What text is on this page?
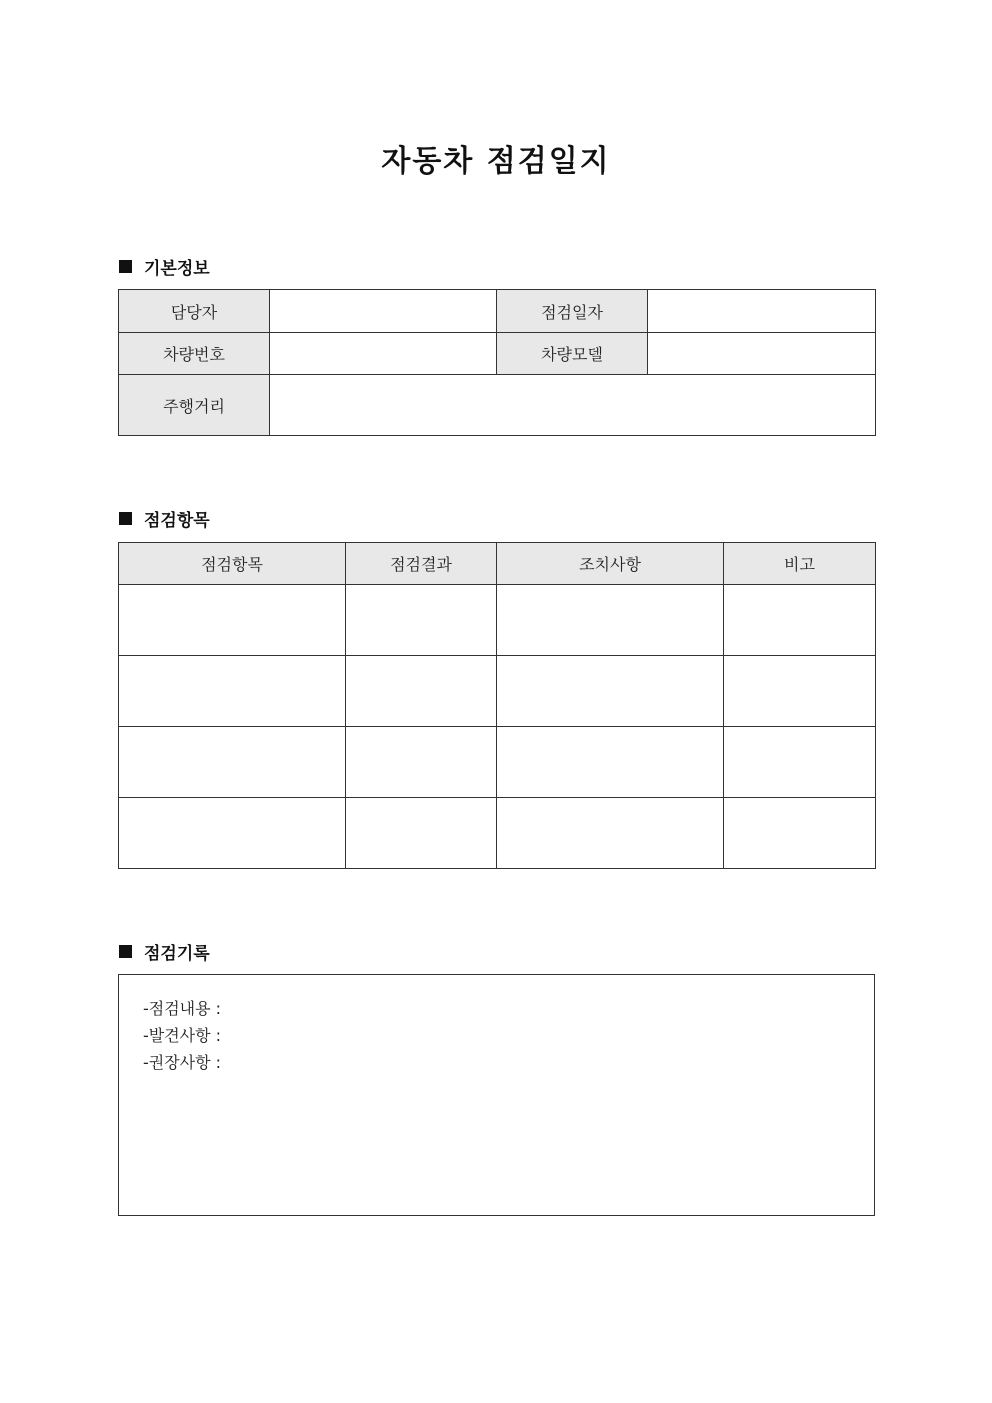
자동차 점검일지
기본정보
담당자		점검일자	
차량번호		차량모델	
주행거리			
점검항목
점검항목	점검결과	조치사항	비고

점검기록
-점검내용 :
-발견사항 :
-권장사항 :
